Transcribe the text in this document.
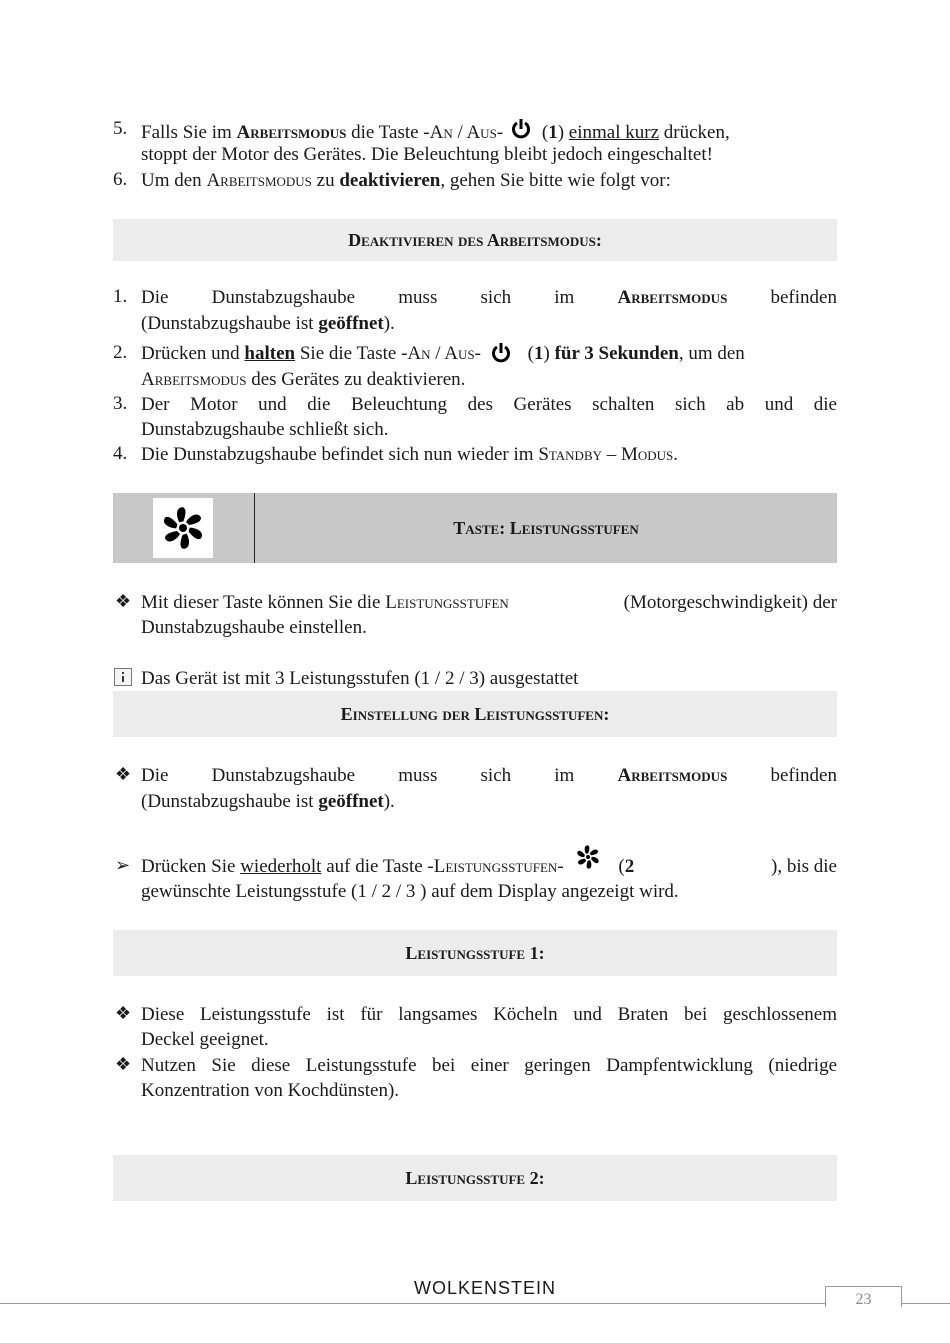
5. Falls Sie im Arbeitsmodus die Taste -An / Aus- (1) einmal kurz drücken,
stoppt der Motor des Gerätes. Die Beleuchtung bleibt jedoch eingeschaltet!
6. Um den Arbeitsmodus zu deaktivieren, gehen Sie bitte wie folgt vor:
Deaktivieren des Arbeitsmodus:
1. Die Dunstabzugshaube muss sich im Arbeitsmodus befinden
(Dunstabzugshaube ist geöffnet).
2. Drücken und halten Sie die Taste - An / Aus - ( 1 ) für 3 Sekunden , um den
Arbeitsmodus des Gerätes zu deaktivieren.
3. Der Motor und die Beleuchtung des Gerätes schalten sich ab und die
Dunstabzugshaube schließt sich.
4. Die Dunstabzugshaube befindet sich nun wieder im Standby – Modus.
Taste: Leistungsstufen
❖ Mit dieser Taste können Sie die Leistungsstufen	(Motorgeschwindigkeit) der
Dunstabzugshaube einstellen.
Das Gerät ist mit 3 Leistungsstufen (1 / 2 / 3) ausgestattet
Einstellung der Leistungsstufen:
❖ Die Dunstabzugshaube muss sich im Arbeitsmodus befinden
(Dunstabzugshaube ist geöffnet).
➢ Drücken Sie wiederholt auf die Taste - Leistungsstufen -	( 2	), bis die
gewünschte Leistungsstufe (1 / 2 / 3 ) auf dem Display angezeigt wird.
Leistungsstufe 1:
❖ Diese Leistungsstufe ist für langsames Köcheln und Braten bei geschlossenem
Deckel geeignet.
❖ Nutzen Sie diese Leistungsstufe bei einer geringen Dampfentwicklung (niedrige
Konzentration von Kochdünsten).
Leistungsstufe 2:
WOLKENSTEIN
23
